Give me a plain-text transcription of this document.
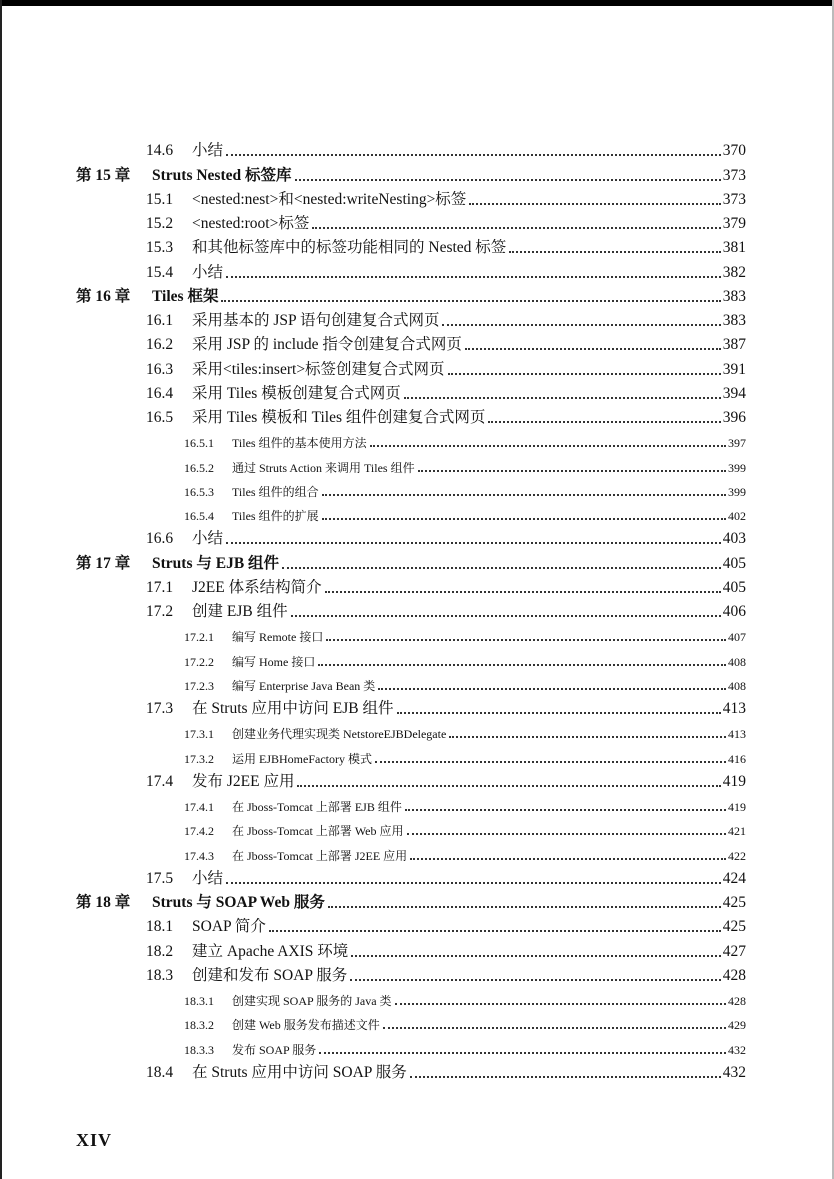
14.6 小结	370
第 15 章 Struts Nested 标签库	373
15.1 <nested:nest>和<nested:writeNesting>标签	373
15.2 <nested:root>标签	379
15.3 和其他标签库中的标签功能相同的 Nested 标签	381
15.4 小结	382
第 16 章 Tiles 框架	383
16.1 采用基本的 JSP 语句创建复合式网页	383
16.2 采用 JSP 的 include 指令创建复合式网页	387
16.3 采用<tiles:insert>标签创建复合式网页	391
16.4 采用 Tiles 模板创建复合式网页	394
16.5 采用 Tiles 模板和 Tiles 组件创建复合式网页	396
16.5.1 Tiles 组件的基本使用方法	397
16.5.2 通过 Struts Action 来调用 Tiles 组件	399
16.5.3 Tiles 组件的组合	399
16.5.4 Tiles 组件的扩展	402
16.6 小结	403
第 17 章 Struts 与 EJB 组件	405
17.1 J2EE 体系结构简介	405
17.2 创建 EJB 组件	406
17.2.1 编写 Remote 接口	407
17.2.2 编写 Home 接口	408
17.2.3 编写 Enterprise Java Bean 类	408
17.3 在 Struts 应用中访问 EJB 组件	413
17.3.1 创建业务代理实现类 NetstoreEJBDelegate	413
17.3.2 运用 EJBHomeFactory 模式	416
17.4 发布 J2EE 应用	419
17.4.1 在 Jboss-Tomcat 上部署 EJB 组件	419
17.4.2 在 Jboss-Tomcat 上部署 Web 应用	421
17.4.3 在 Jboss-Tomcat 上部署 J2EE 应用	422
17.5 小结	424
第 18 章 Struts 与 SOAP Web 服务	425
18.1 SOAP 简介	425
18.2 建立 Apache AXIS 环境	427
18.3 创建和发布 SOAP 服务	428
18.3.1 创建实现 SOAP 服务的 Java 类	428
18.3.2 创建 Web 服务发布描述文件	429
18.3.3 发布 SOAP 服务	432
18.4 在 Struts 应用中访问 SOAP 服务	432
XIV
